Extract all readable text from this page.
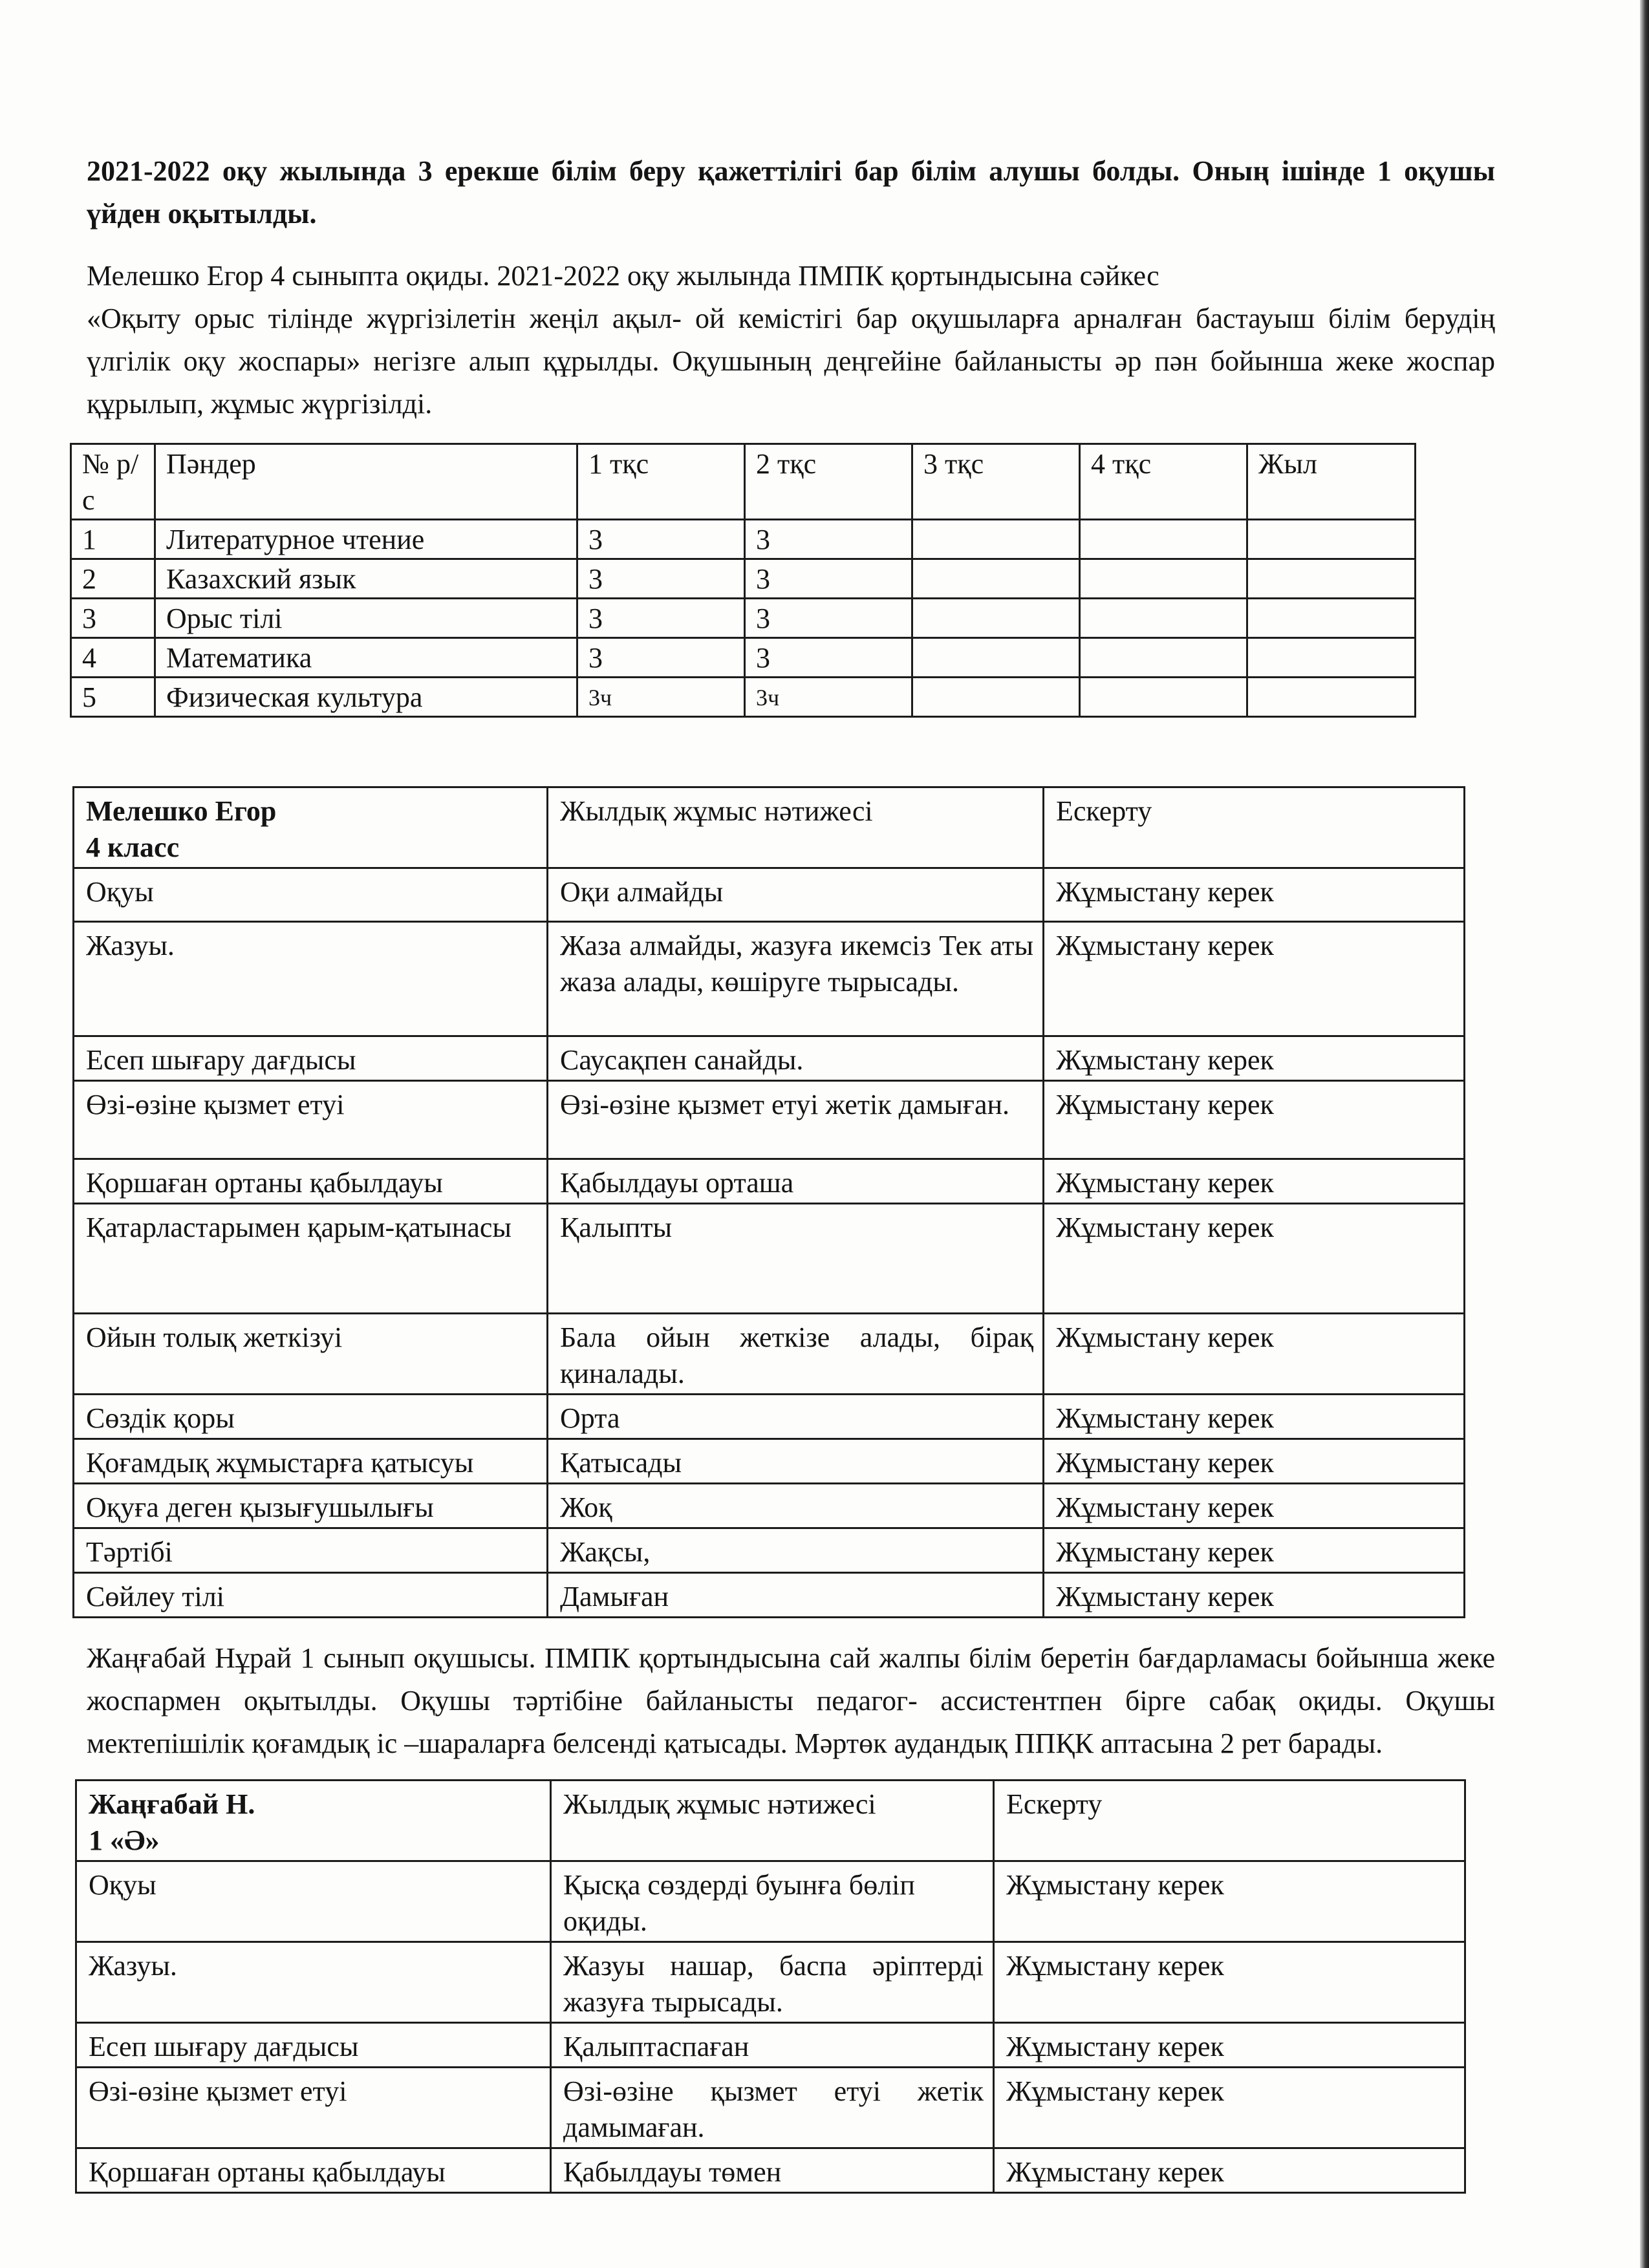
2021-2022 оқу жылында 3 ерекше білім беру қажеттілігі бар білім алушы болды. Оның ішінде 1 оқушы үйден оқытылды.

Мелешко Егор 4 сыныпта оқиды. 2021-2022 оқу жылында ПМПК қортындысына сәйкес
«Оқыту орыс тілінде жүргізілетін жеңіл ақыл- ой кемістігі бар оқушыларға арналған бастауыш білім берудің үлгілік оқу жоспары» негізге алып құрылды. Оқушының деңгейіне байланысты әр пән бойынша жеке жоспар құрылып, жұмыс жүргізілді.

№ р/с	Пәндер	1 тқс	2 тқс	3 тқс	4 тқс	Жыл
1	Литературное чтение	3	3			
2	Казахский язык	3	3			
3	Орыс тілі	3	3			
4	Математика	3	3			
5	Физическая культура	3ч	3ч			
Мелешко Егор
4 класс	Жылдық жұмыс нәтижесі	Ескерту
Оқуы	Оқи алмайды	Жұмыстану керек
Жазуы.	Жаза алмайды, жазуға икемсіз Тек аты жаза алады, көшіруге тырысады.	Жұмыстану керек
Есеп шығару дағдысы	Саусақпен санайды.	Жұмыстану керек
Өзі-өзіне қызмет етуі	Өзі-өзіне қызмет етуі жетік дамыған.	Жұмыстану керек
Қоршаған ортаны қабылдауы	Қабылдауы орташа	Жұмыстану керек
Қатарластарымен қарым-қатынасы	Қалыпты	Жұмыстану керек
Ойын толық жеткізуі	Бала ойын жеткізе алады, бірақ қиналады.	Жұмыстану керек
Сөздік қоры	Орта	Жұмыстану керек
Қоғамдық жұмыстарға қатысуы	Қатысады	Жұмыстану керек
Оқуға деген қызығушылығы	Жоқ	Жұмыстану керек
Тәртібі	Жақсы,	Жұмыстану керек
Сөйлеу тілі	Дамыған	Жұмыстану керек

Жаңғабай Нұрай 1 сынып оқушысы. ПМПК қортындысына сай жалпы білім беретін бағдарламасы бойынша жеке жоспармен оқытылды. Оқушы тәртібіне байланысты педагог- ассистентпен бірге сабақ оқиды. Оқушы мектепішілік қоғамдық іс –шараларға белсенді қатысады. Мәртөк аудандық ППҚК аптасына 2 рет барады.

Жаңғабай Н.
1 «Ә»	Жылдық жұмыс нәтижесі	Ескерту
Оқуы	Қысқа сөздерді буынға бөліп оқиды.	Жұмыстану керек
Жазуы.	Жазуы нашар, баспа әріптерді жазуға тырысады.	Жұмыстану керек
Есеп шығару дағдысы	Қалыптаспаған	Жұмыстану керек
Өзі-өзіне қызмет етуі	Өзі-өзіне қызмет етуі жетік дамымаған.	Жұмыстану керек
Қоршаған ортаны қабылдауы	Қабылдауы төмен	Жұмыстану керек
